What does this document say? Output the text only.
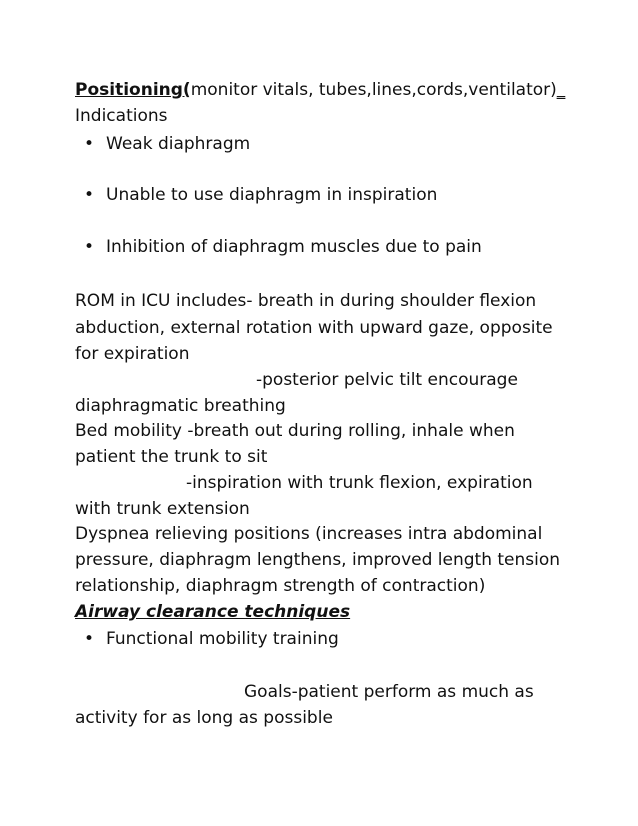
Positioning(monitor vitals, tubes,lines,cords,ventilator)_
Indications
• Weak diaphragm
• Unable to use diaphragm in inspiration
• Inhibition of diaphragm muscles due to pain
ROM in ICU includes- breath in during shoulder flexion
abduction, external rotation with upward gaze, opposite
for expiration
-posterior pelvic tilt encourage
diaphragmatic breathing
Bed mobility -breath out during rolling, inhale when
patient the trunk to sit
-inspiration with trunk flexion, expiration
with trunk extension
Dyspnea relieving positions (increases intra abdominal
pressure, diaphragm lengthens, improved length tension
relationship, diaphragm strength of contraction)
Airway clearance techniques
• Functional mobility training
Goals-patient perform as much as
activity for as long as possible
